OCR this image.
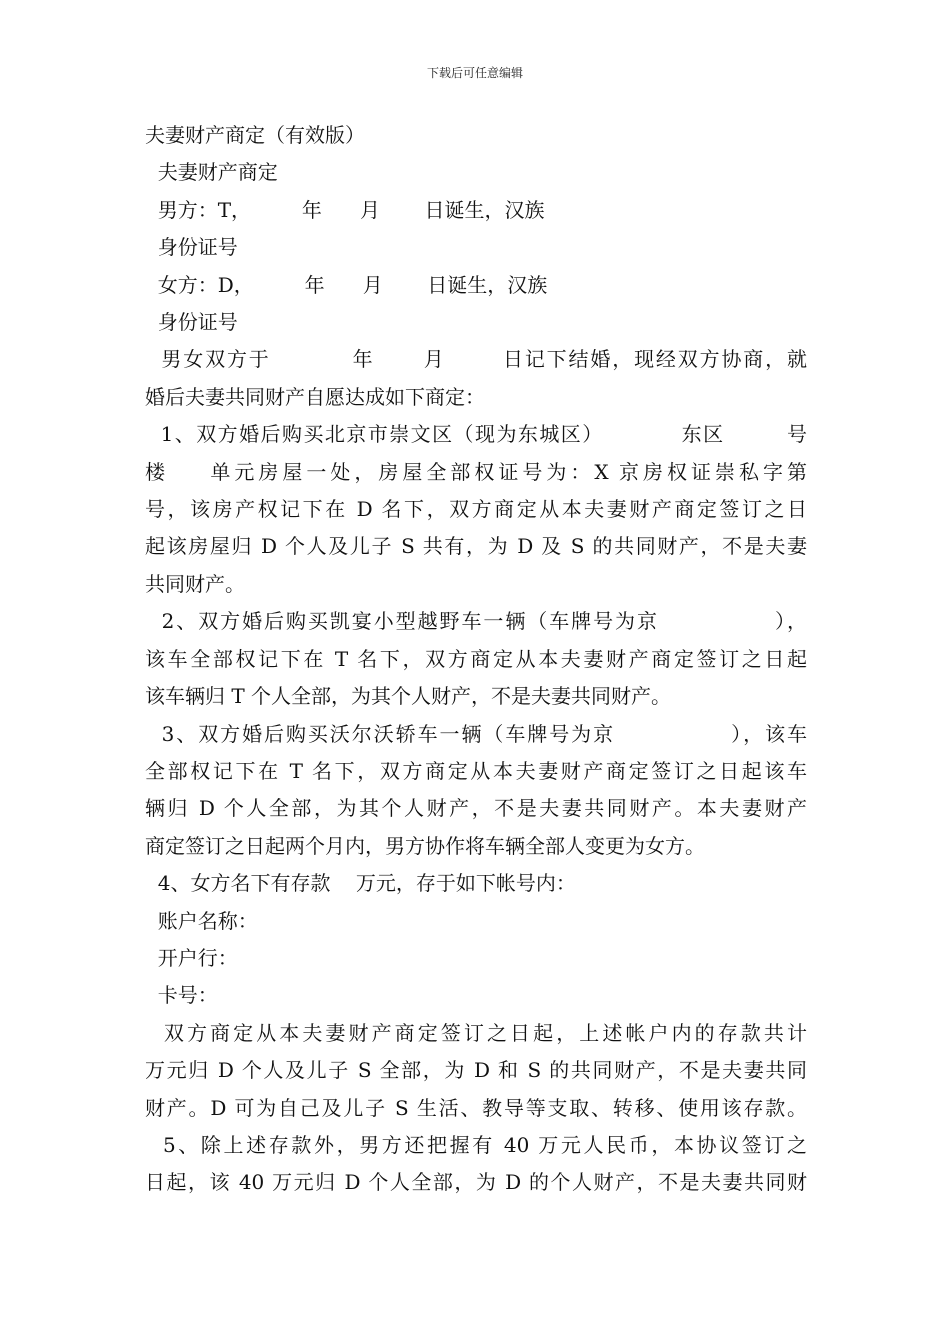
下载后可任意编辑
夫妻财产商定（有效版）
夫妻财产商定
男方：T，        年      月       日诞生，汉族
身份证号
女方：D，        年      月       日诞生，汉族
身份证号
男女双方于          年      月       日记下结婚，现经双方协商，就
婚后夫妻共同财产自愿达成如下商定：
1、双方婚后购买北京市崇文区（现为东城区）          东区        号
楼    单元房屋一处，房屋全部权证号为：X 京房权证崇私字第
号，该房产权记下在 D 名下，双方商定从本夫妻财产商定签订之日
起该房屋归 D 个人及儿子 S 共有，为 D 及 S 的共同财产，不是夫妻
共同财产。
2、双方婚后购买凯宴小型越野车一辆（车牌号为京              ），
该车全部权记下在 T 名下，双方商定从本夫妻财产商定签订之日起
该车辆归 T 个人全部，为其个人财产，不是夫妻共同财产。
3、双方婚后购买沃尔沃轿车一辆（车牌号为京              ），该车
全部权记下在 T 名下，双方商定从本夫妻财产商定签订之日起该车
辆归 D 个人全部，为其个人财产，不是夫妻共同财产。本夫妻财产
商定签订之日起两个月内，男方协作将车辆全部人变更为女方。
4、女方名下有存款    万元，存于如下帐号内：
账户名称：
开户行：
卡号：
双方商定从本夫妻财产商定签订之日起，上述帐户内的存款共计
万元归 D 个人及儿子 S 全部，为 D 和 S 的共同财产，不是夫妻共同
财产。D 可为自己及儿子 S 生活、教导等支取、转移、使用该存款。
5、除上述存款外，男方还把握有 40 万元人民币，本协议签订之
日起，该 40 万元归 D 个人全部，为 D 的个人财产，不是夫妻共同财
